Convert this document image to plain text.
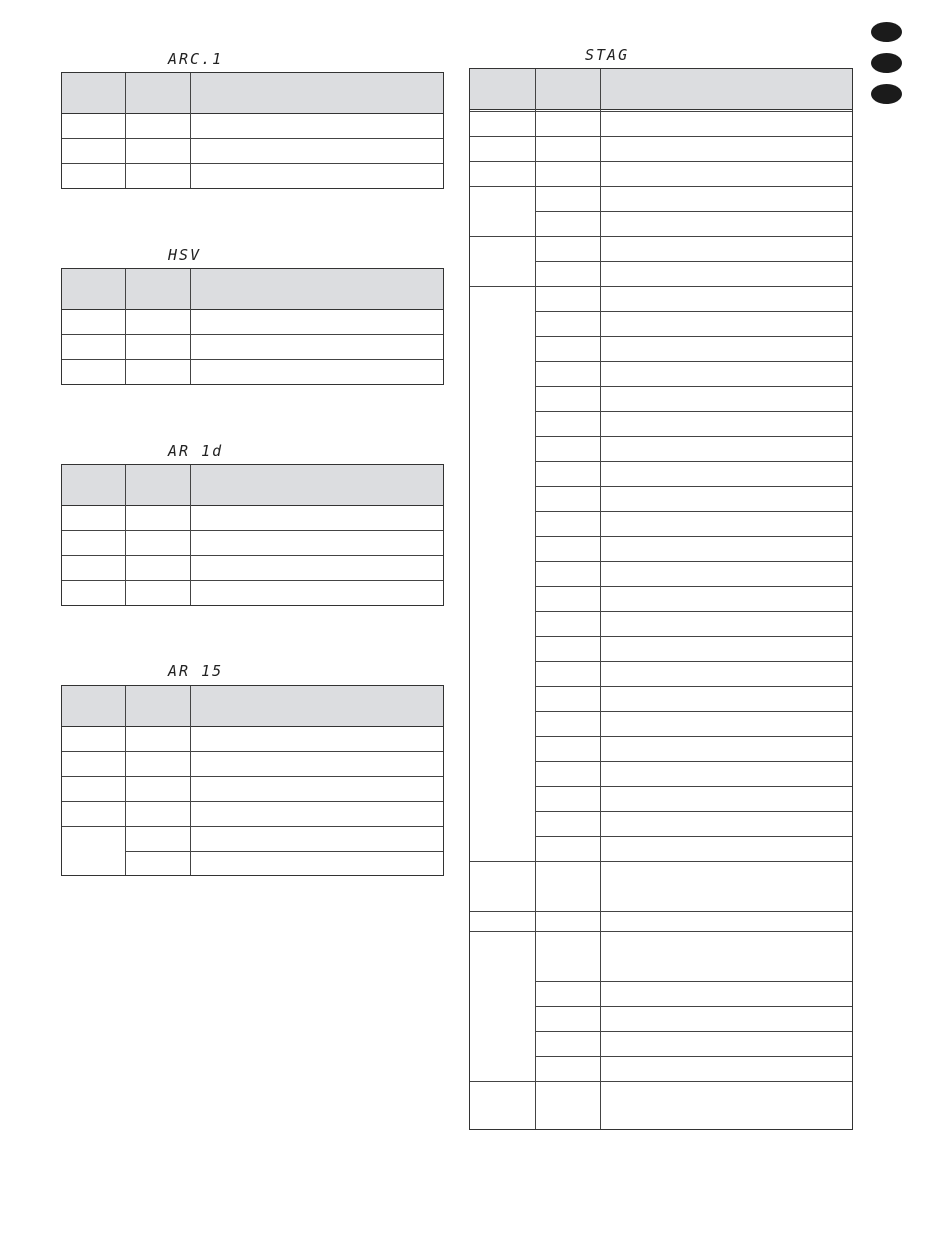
ARC.1
HSV
AR 1d
AR 15
STAG
